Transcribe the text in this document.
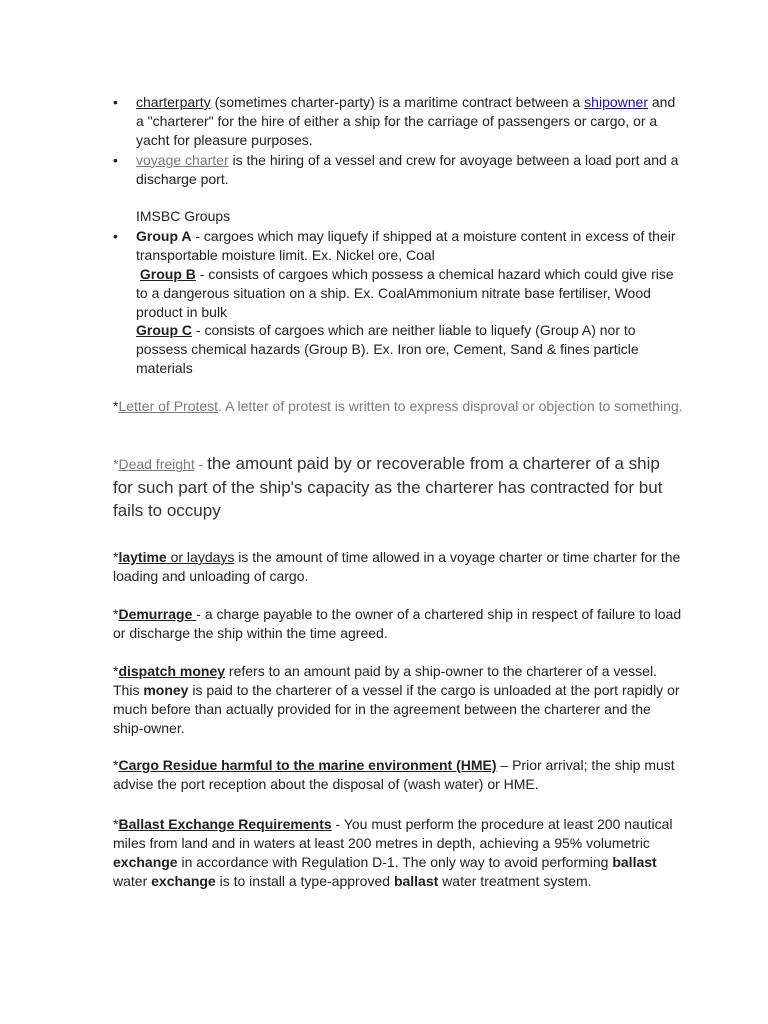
• charterparty (sometimes charter-party) is a maritime contract between a shipowner and a "charterer" for the hire of either a ship for the carriage of passengers or cargo, or a yacht for pleasure purposes.

• voyage charter is the hiring of a vessel and crew for avoyage between a load port and a discharge port.

IMSBC Groups

• Group A - cargoes which may liquefy if shipped at a moisture content in excess of their transportable moisture limit. Ex. Nickel ore, Coal

Group B - consists of cargoes which possess a chemical hazard which could give rise to a dangerous situation on a ship. Ex. CoalAmmonium nitrate base fertiliser, Wood product in bulk

Group C - consists of cargoes which are neither liable to liquefy (Group A) nor to possess chemical hazards (Group B). Ex. Iron ore, Cement, Sand & fines particle materials

*Letter of Protest. A letter of protest is written to express disproval or objection to something.

*Dead freight - the amount paid by or recoverable from a charterer of a ship for such part of the ship's capacity as the charterer has contracted for but fails to occupy

*laytime or laydays is the amount of time allowed in a voyage charter or time charter for the loading and unloading of cargo.

*Demurrage - a charge payable to the owner of a chartered ship in respect of failure to load or discharge the ship within the time agreed.

*dispatch money refers to an amount paid by a ship-owner to the charterer of a vessel. This money is paid to the charterer of a vessel if the cargo is unloaded at the port rapidly or much before than actually provided for in the agreement between the charterer and the ship-owner.

*Cargo Residue harmful to the marine environment (HME) – Prior arrival; the ship must advise the port reception about the disposal of (wash water) or HME.

*Ballast Exchange Requirements - You must perform the procedure at least 200 nautical miles from land and in waters at least 200 metres in depth, achieving a 95% volumetric exchange in accordance with Regulation D-1. The only way to avoid performing ballast water exchange is to install a type-approved ballast water treatment system.
